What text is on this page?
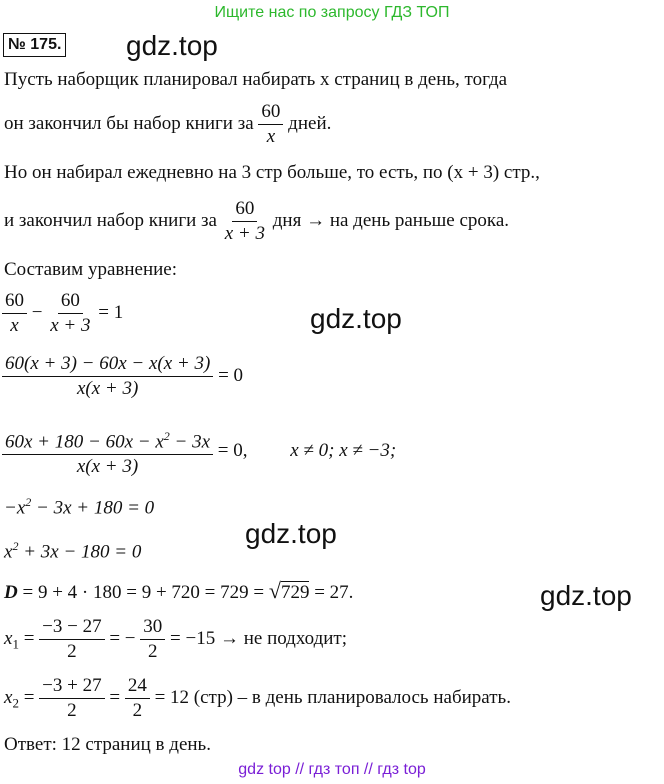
Ищите нас по запросу ГДЗ ТОП
№ 175. gdz.top
gdz.top
gdz.top
gdz.top
Пусть наборщик планировал набирать x страниц в день, тогда
он закончил бы набор книги за $\frac{60}{x}$ дней.
Но он набирал ежедневно на 3 стр больше, то есть, по (x + 3) стр.,
и закончил набор книги за $\frac{60}{x + 3}$ дня → на день раньше срока.
Составим уравнение:
$\frac{60}{x} - \frac{60}{x + 3} = 1$
$\frac{60(x + 3) - 60x - x(x + 3)}{x(x + 3)} = 0$
$\frac{60x + 180 - 60x - x^2 - 3x}{x(x + 3)} = 0$, x ≠ 0; x ≠ −3;
$-x^2 - 3x + 180 = 0$
$x^2 + 3x - 180 = 0$
D = 9 + 4 · 180 = 9 + 720 = 729 = √729 = 27.
$x_1 = \frac{-3 - 27}{2}$ = − $\frac{30}{2} = -15$ → не подходит;
$x_2 = \frac{-3 + 27}{2} = \frac{24}{2} = 12$ (стр) – в день планировалось набирать.
Ответ: 12 страниц в день.
gdz top // гдз топ // гдз top
